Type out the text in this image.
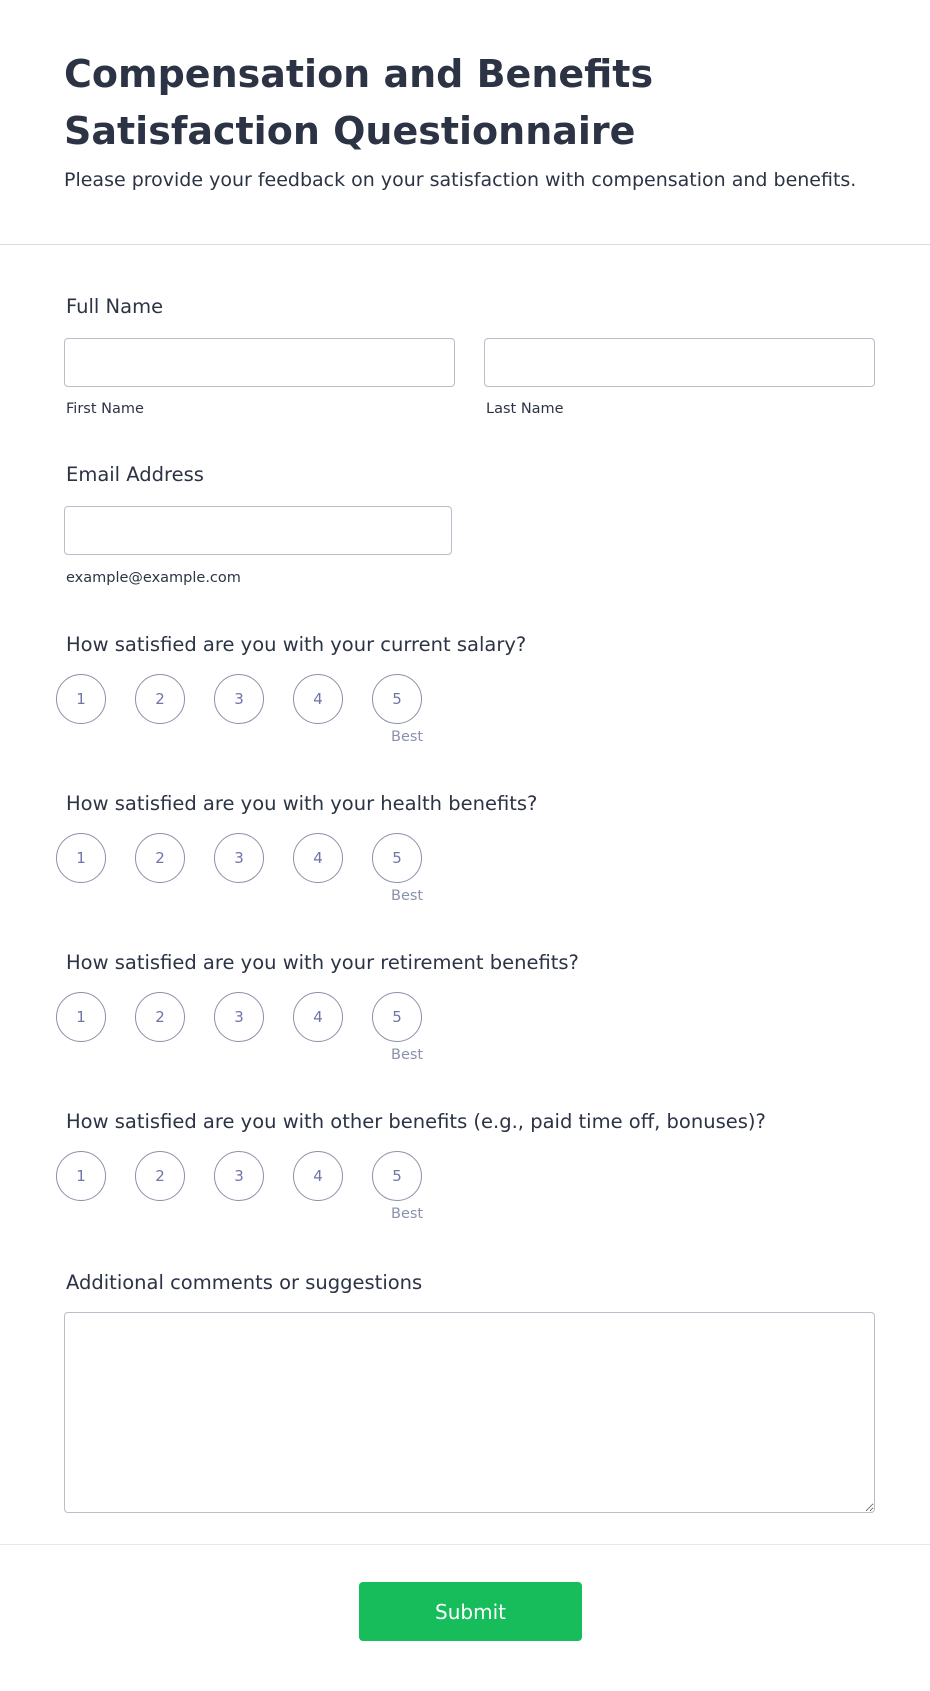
Compensation and Benefits Satisfaction Questionnaire

Please provide your feedback on your satisfaction with compensation and benefits.

Full Name
First Name	Last Name
Email Address
example@example.com
How satisfied are you with your current salary?
1	2	3	4	5
Best
How satisfied are you with your health benefits?
1	2	3	4	5
Best
How satisfied are you with your retirement benefits?
1	2	3	4	5
Best
How satisfied are you with other benefits (e.g., paid time off, bonuses)?
1	2	3	4	5
Best
Additional comments or suggestions
Submit
